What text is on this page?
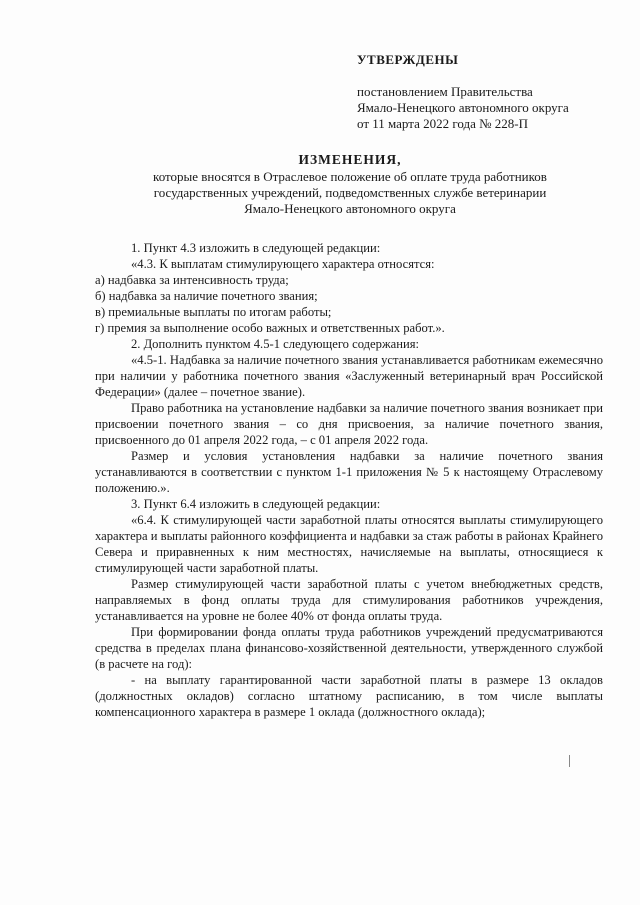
УТВЕРЖДЕНЫ
постановлением Правительства
Ямало-Ненецкого автономного округа
от 11 марта 2022 года № 228-П
ИЗМЕНЕНИЯ,
которые вносятся в Отраслевое положение об оплате труда работников
государственных учреждений, подведомственных службе ветеринарии
Ямало-Ненецкого автономного округа

1. Пункт 4.3 изложить в следующей редакции:

«4.3. К выплатам стимулирующего характера относятся:

а) надбавка за интенсивность труда;

б) надбавка за наличие почетного звания;

в) премиальные выплаты по итогам работы;

г) премия за выполнение особо важных и ответственных работ.».

2. Дополнить пунктом 4.5-1 следующего содержания:

«4.5-1. Надбавка за наличие почетного звания устанавливается работникам ежемесячно при наличии у работника почетного звания «Заслуженный ветеринарный врач Российской Федерации» (далее – почетное звание).

Право работника на установление надбавки за наличие почетного звания возникает при присвоении почетного звания – со дня присвоения, за наличие почетного звания, присвоенного до 01 апреля 2022 года, – с 01 апреля 2022 года.

Размер и условия установления надбавки за наличие почетного звания устанавливаются в соответствии с пунктом 1-1 приложения № 5 к настоящему Отраслевому положению.».

3. Пункт 6.4 изложить в следующей редакции:

«6.4. К стимулирующей части заработной платы относятся выплаты стимулирующего характера и выплаты районного коэффициента и надбавки за стаж работы в районах Крайнего Севера и приравненных к ним местностях, начисляемые на выплаты, относящиеся к стимулирующей части заработной платы.

Размер стимулирующей части заработной платы с учетом внебюджетных средств, направляемых в фонд оплаты труда для стимулирования работников учреждения, устанавливается на уровне не более 40% от фонда оплаты труда.

При формировании фонда оплаты труда работников учреждений предусматриваются средства в пределах плана финансово-хозяйственной деятельности, утвержденного службой (в расчете на год):

- на выплату гарантированной части заработной платы в размере 13 окладов (должностных окладов) согласно штатному расписанию, в том числе выплаты компенсационного характера в размере 1 оклада (должностного оклада);
